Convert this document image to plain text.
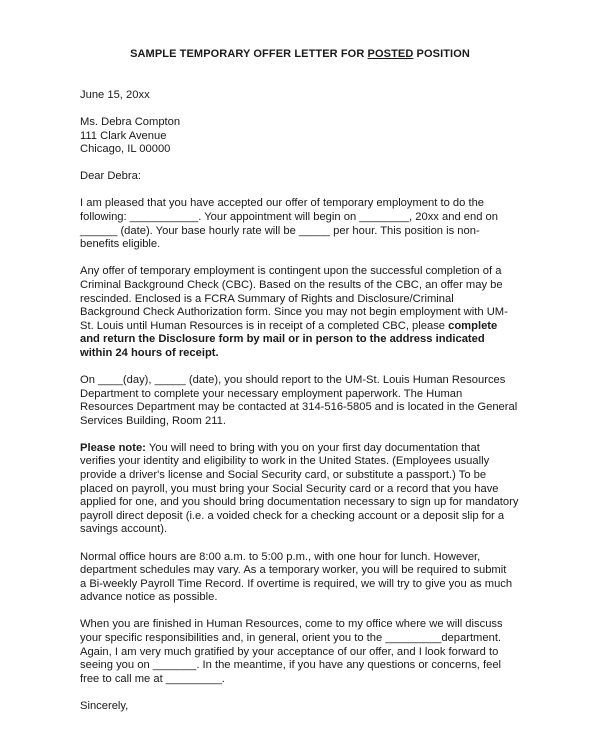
SAMPLE TEMPORARY OFFER LETTER FOR POSTED POSITION
June 15, 20xx
Ms. Debra Compton
111 Clark Avenue
Chicago, IL 00000
Dear Debra:
I am pleased that you have accepted our offer of temporary employment to do the
following: ___________. Your appointment will begin on ________, 20xx and end on
______ (date). Your base hourly rate will be _____ per hour. This position is non-
benefits eligible.
Any offer of temporary employment is contingent upon the successful completion of a
Criminal Background Check (CBC). Based on the results of the CBC, an offer may be
rescinded. Enclosed is a FCRA Summary of Rights and Disclosure/Criminal
Background Check Authorization form. Since you may not begin employment with UM-
St. Louis until Human Resources is in receipt of a completed CBC, please complete
and return the Disclosure form by mail or in person to the address indicated
within 24 hours of receipt.
On ____(day), _____ (date), you should report to the UM-St. Louis Human Resources
Department to complete your necessary employment paperwork. The Human
Resources Department may be contacted at 314-516-5805 and is located in the General
Services Building, Room 211.
Please note: You will need to bring with you on your first day documentation that
verifies your identity and eligibility to work in the United States. (Employees usually
provide a driver's license and Social Security card, or substitute a passport.) To be
placed on payroll, you must bring your Social Security card or a record that you have
applied for one, and you should bring documentation necessary to sign up for mandatory
payroll direct deposit (i.e. a voided check for a checking account or a deposit slip for a
savings account).
Normal office hours are 8:00 a.m. to 5:00 p.m., with one hour for lunch. However,
department schedules may vary. As a temporary worker, you will be required to submit
a Bi-weekly Payroll Time Record. If overtime is required, we will try to give you as much
advance notice as possible.
When you are finished in Human Resources, come to my office where we will discuss
your specific responsibilities and, in general, orient you to the _________department.
Again, I am very much gratified by your acceptance of our offer, and I look forward to
seeing you on _______. In the meantime, if you have any questions or concerns, feel
free to call me at _________.
Sincerely,
